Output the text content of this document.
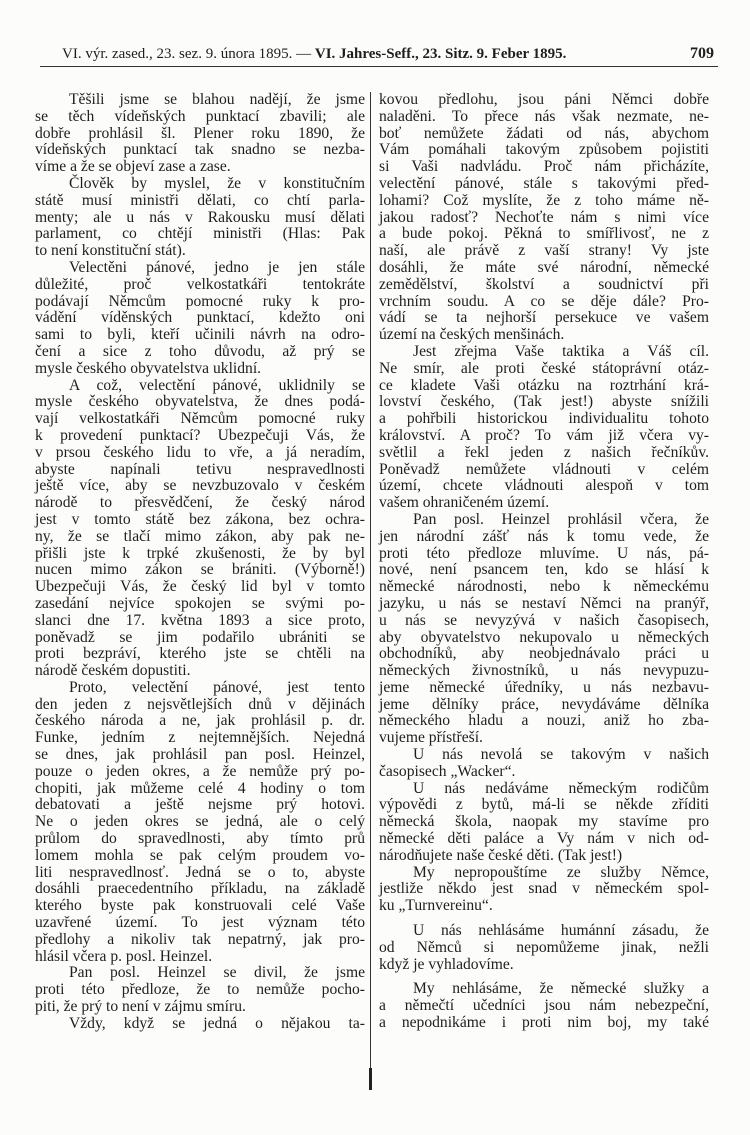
VI. výr. zased., 23. sez. 9. února 1895. — VI. Jahres-Seff., 23. Sitz. 9. Feber 1895.	709
Těšili jsme se blahou nadějí, že jsme
se těch vídeňských punktací zbavili; ale
dobře prohlásil šl. Plener roku 1890, že
vídeňských punktací tak snadno se nezba-
víme a že se objeví zase a zase.
Člověk by myslel, že v konstitučním
státě musí ministři dělati, co chtí parla-
menty; ale u nás v Rakousku musí dělati
parlament, co chtějí ministři (Hlas: Pak
to není konstituční stát).
Velectěni pánové, jedno je jen stále
důležité, proč velkostatkáři tentokráte
podávají Němcům pomocné ruky k pro-
vádění víděnských punktací, kdežto oni
sami to byli, kteří učinili návrh na odro-
čení a sice z toho důvodu, až prý se
mysle českého obyvatelstva uklidní.
A což, velectění pánové, uklidnily se
mysle českého obyvatelstva, že dnes podá-
vají velkostatkáři Němcům pomocné ruky
k provedení punktací? Ubezpečuji Vás, že
v prsou českého lidu to vře, a já neradím,
abyste napínali tetivu nespravedlnosti
ještě více, aby se nevzbuzovalo v českém
národě to přesvědčení, že český národ
jest v tomto státě bez zákona, bez ochra-
ny, že se tlačí mimo zákon, aby pak ne-
přišli jste k trpké zkušenosti, že by byl
nucen mimo zákon se brániti. (Výborně!)
Ubezpečuji Vás, že český lid byl v tomto
zasedání nejvíce spokojen se svými po-
slanci dne 17. května 1893 a sice proto,
poněvadž se jim podařilo ubrániti se
proti bezpráví, kterého jste se chtěli na
národě českém dopustiti.
Proto, velectění pánové, jest tento
den jeden z nejsvětlejších dnů v dějinách
českého národa a ne, jak prohlásil p. dr.
Funke, jedním z nejtemnějších. Nejedná
se dnes, jak prohlásil pan posl. Heinzel,
pouze o jeden okres, a že nemůže prý po-
chopiti, jak můžeme celé 4 hodiny o tom
debatovati a ještě nejsme prý hotovi.
Ne o jeden okres se jedná, ale o celý
průlom do spravedlnosti, aby tímto prů
lomem mohla se pak celým proudem vo-
liti nespravedlnosť. Jedná se o to, abyste
dosáhli praecedentního příkladu, na základě
kterého byste pak konstruovali celé Vaše
uzavřené území. To jest význam této
předlohy a nikoliv tak nepatrný, jak pro-
hlásil včera p. posl. Heinzel.
Pan posl. Heinzel se divil, že jsme
proti této předloze, že to nemůže pocho-
piti, že prý to není v zájmu smíru.
Vždy, když se jedná o nějakou ta-
kovou předlohu, jsou páni Němci dobře
naladěni. To přece nás však nezmate, ne-
boť nemůžete žádati od nás, abychom
Vám pomáhali takovým způsobem pojistiti
si Vaši nadvládu. Proč nám přicházíte,
velectění pánové, stále s takovými před-
lohami? Což myslíte, že z toho máme ně-
jakou radosť? Nechoťte nám s nimi více
a bude pokoj. Pěkná to smířlivosť, ne z
naší, ale právě z vaší strany! Vy jste
dosáhli, že máte své národní, německé
zemědělství, školství a soudnictví při
vrchním soudu. A co se děje dále? Pro-
vádí se ta nejhorší persekuce ve vašem
území na českých menšinách.
Jest zřejma Vaše taktika a Váš cíl.
Ne smír, ale proti české státoprávní otáz-
ce kladete Vaši otázku na roztrhání krá-
lovství českého, (Tak jest!) abyste snížili
a pohřbili historickou individualitu tohoto
království. A proč? To vám již včera vy-
světlil a řekl jeden z našich řečníkův.
Poněvadž nemůžete vládnouti v celém
území, chcete vládnouti alespoň v tom
vašem ohraničeném území.
Pan posl. Heinzel prohlásil včera, že
jen národní zášť nás k tomu vede, že
proti této předloze mluvíme. U nás, pá-
nové, není psancem ten, kdo se hlásí k
německé národnosti, nebo k německému
jazyku, u nás se nestaví Němci na pranýř,
u nás se nevyzývá v našich časopisech,
aby obyvatelstvo nekupovalo u německých
obchodníků, aby neobjednávalo práci u
německých živnostníků, u nás nevypuzu-
jeme německé úředníky, u nás nezbavu-
jeme dělníky práce, nevydáváme dělníka
německého hladu a nouzi, aniž ho zba-
vujeme přístřeší.
U nás nevolá se takovým v našich
časopisech „Wacker“.
U nás nedáváme německým rodičům
výpovědi z bytů, má-li se někde zříditi
německá škola, naopak my stavíme pro
německé děti paláce a Vy nám v nich od-
národňujete naše české děti. (Tak jest!)
My nepropouštíme ze služby Němce,
jestliže někdo jest snad v německém spol-
ku „Turnvereinu“.
U nás nehlásáme humánní zásadu, že
od Němců si nepomůžeme jinak, nežli
když je vyhladovíme.
My nehlásáme, že německé služky a
a němečtí učedníci jsou nám nebezpeční,
a nepodnikáme i proti nim boj, my také
